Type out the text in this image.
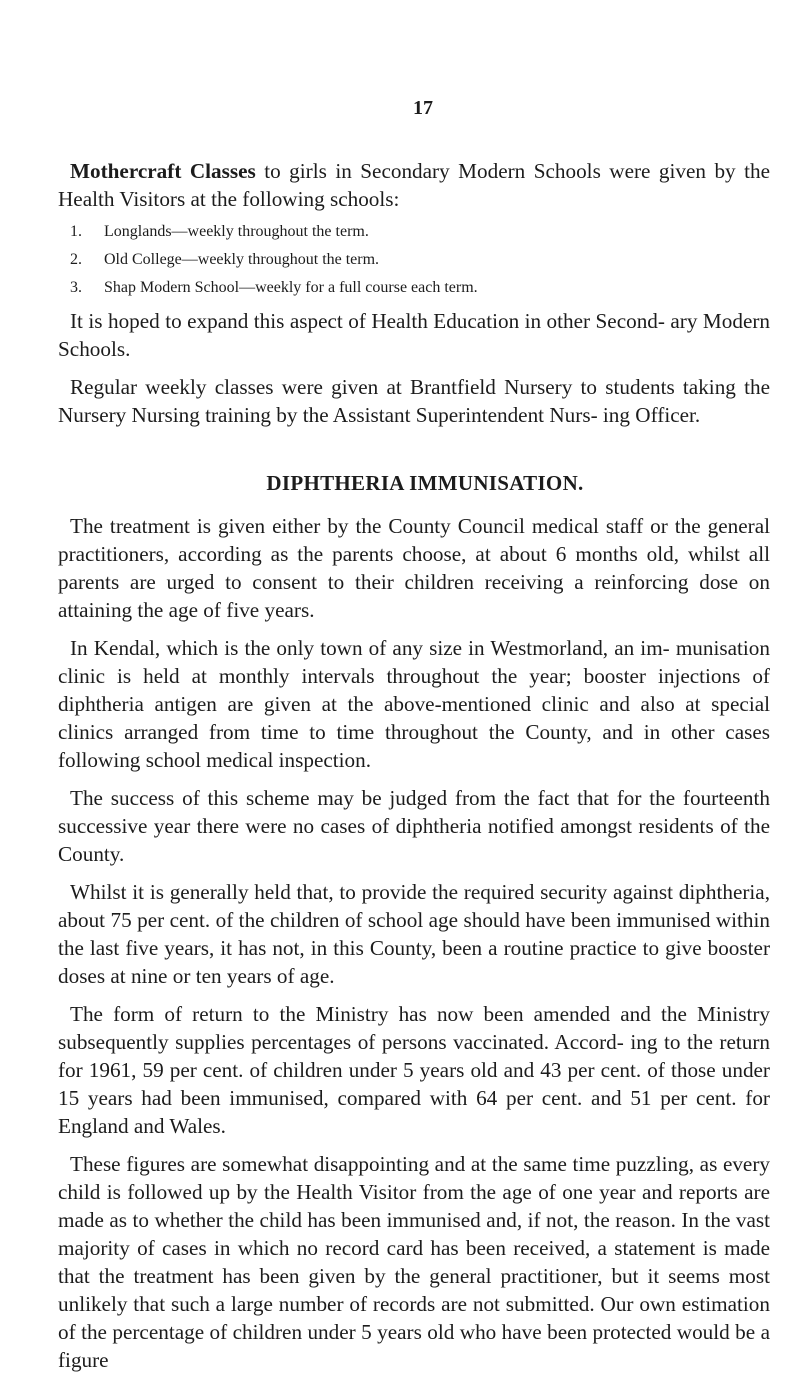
17

Mothercraft Classes to girls in Secondary Modern Schools were given by the Health Visitors at the following schools:

1. Longlands—weekly throughout the term.
2. Old College—weekly throughout the term.
3. Shap Modern School—weekly for a full course each term.

It is hoped to expand this aspect of Health Education in other Second- ary Modern Schools.

Regular weekly classes were given at Brantfield Nursery to students taking the Nursery Nursing training by the Assistant Superintendent Nurs- ing Officer.

DIPHTHERIA IMMUNISATION.

The treatment is given either by the County Council medical staff or the general practitioners, according as the parents choose, at about 6 months old, whilst all parents are urged to consent to their children receiving a reinforcing dose on attaining the age of five years.

In Kendal, which is the only town of any size in Westmorland, an im- munisation clinic is held at monthly intervals throughout the year; booster injections of diphtheria antigen are given at the above-mentioned clinic and also at special clinics arranged from time to time throughout the County, and in other cases following school medical inspection.

The success of this scheme may be judged from the fact that for the fourteenth successive year there were no cases of diphtheria notified amongst residents of the County.

Whilst it is generally held that, to provide the required security against diphtheria, about 75 per cent. of the children of school age should have been immunised within the last five years, it has not, in this County, been a routine practice to give booster doses at nine or ten years of age.

The form of return to the Ministry has now been amended and the Ministry subsequently supplies percentages of persons vaccinated. Accord- ing to the return for 1961, 59 per cent. of children under 5 years old and 43 per cent. of those under 15 years had been immunised, compared with 64 per cent. and 51 per cent. for England and Wales.

These figures are somewhat disappointing and at the same time puzzling, as every child is followed up by the Health Visitor from the age of one year and reports are made as to whether the child has been immunised and, if not, the reason. In the vast majority of cases in which no record card has been received, a statement is made that the treatment has been given by the general practitioner, but it seems most unlikely that such a large number of records are not submitted. Our own estimation of the percentage of children under 5 years old who have been protected would be a figure
